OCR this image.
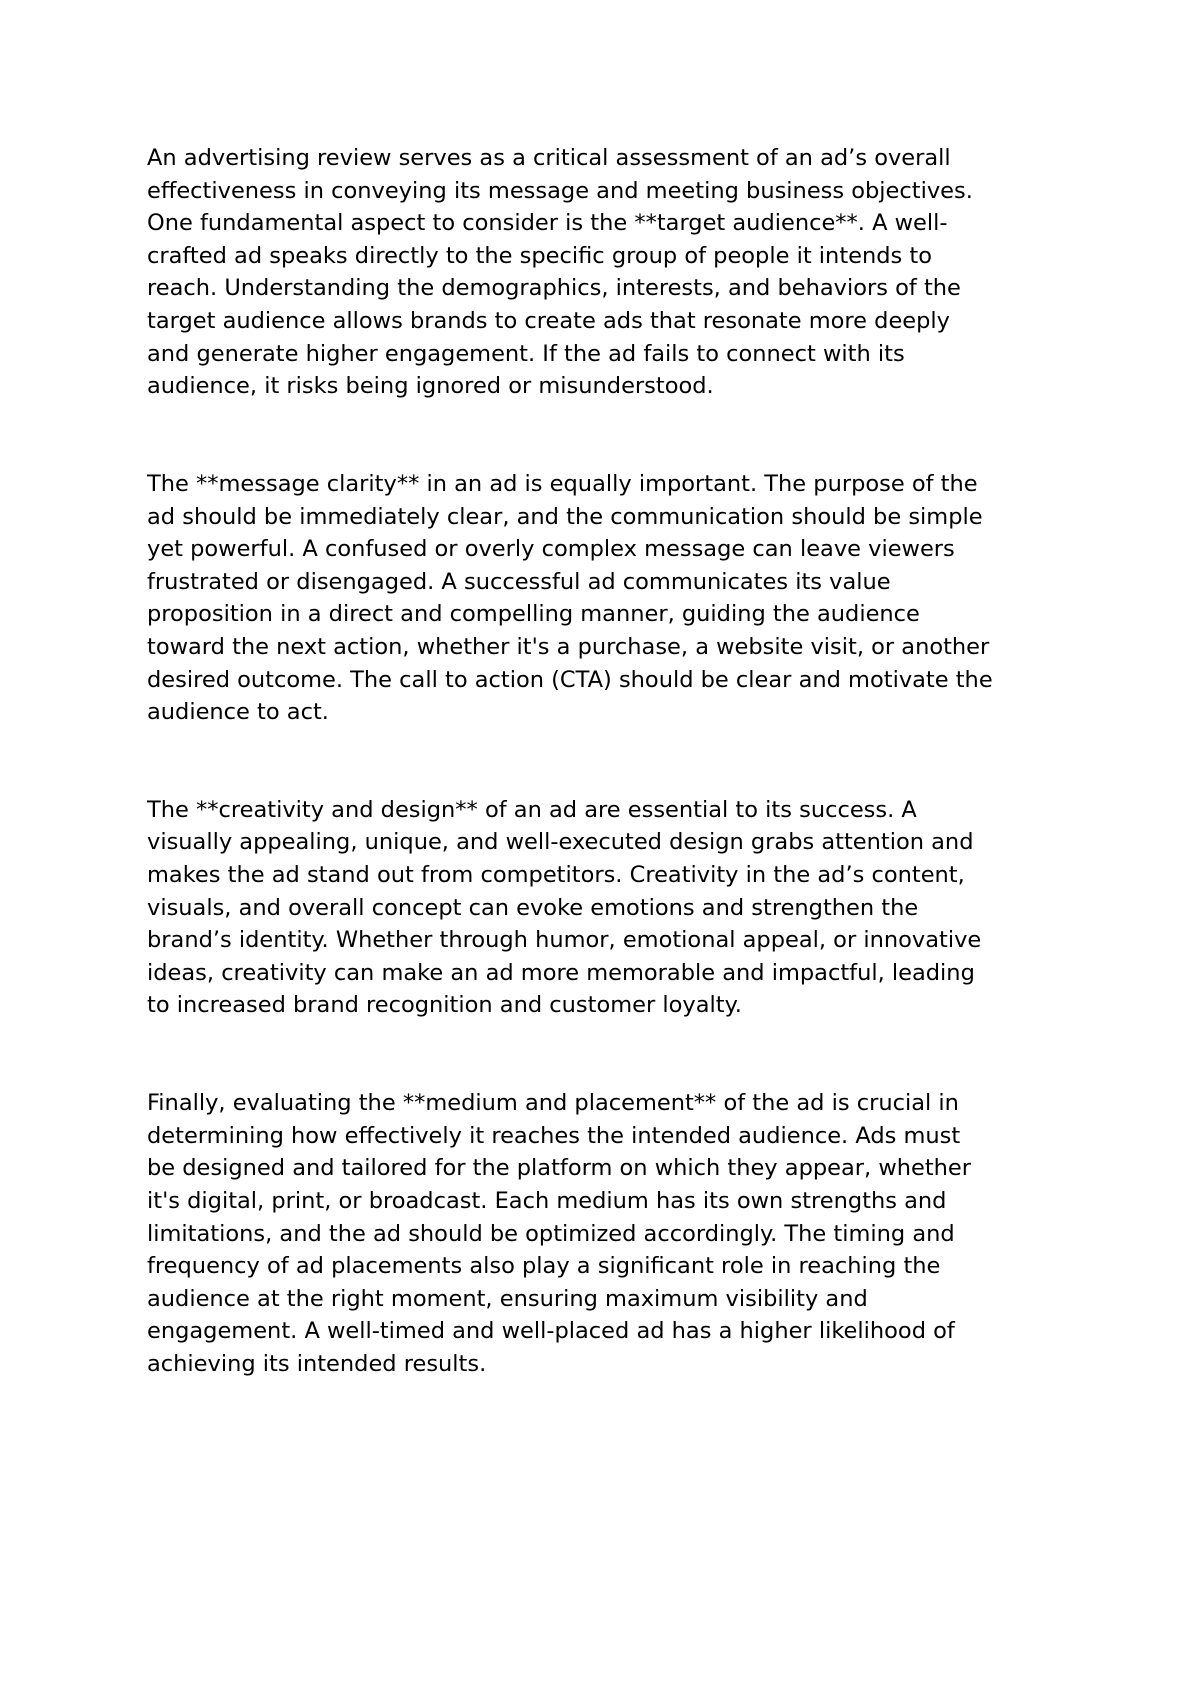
An advertising review serves as a critical assessment of an ad’s overall
effectiveness in conveying its message and meeting business objectives.
One fundamental aspect to consider is the **target audience**. A well-
crafted ad speaks directly to the specific group of people it intends to
reach. Understanding the demographics, interests, and behaviors of the
target audience allows brands to create ads that resonate more deeply
and generate higher engagement. If the ad fails to connect with its
audience, it risks being ignored or misunderstood.

The **message clarity** in an ad is equally important. The purpose of the
ad should be immediately clear, and the communication should be simple
yet powerful. A confused or overly complex message can leave viewers
frustrated or disengaged. A successful ad communicates its value
proposition in a direct and compelling manner, guiding the audience
toward the next action, whether it's a purchase, a website visit, or another
desired outcome. The call to action (CTA) should be clear and motivate the
audience to act.

The **creativity and design** of an ad are essential to its success. A
visually appealing, unique, and well-executed design grabs attention and
makes the ad stand out from competitors. Creativity in the ad’s content,
visuals, and overall concept can evoke emotions and strengthen the
brand’s identity. Whether through humor, emotional appeal, or innovative
ideas, creativity can make an ad more memorable and impactful, leading
to increased brand recognition and customer loyalty.

Finally, evaluating the **medium and placement** of the ad is crucial in
determining how effectively it reaches the intended audience. Ads must
be designed and tailored for the platform on which they appear, whether
it's digital, print, or broadcast. Each medium has its own strengths and
limitations, and the ad should be optimized accordingly. The timing and
frequency of ad placements also play a significant role in reaching the
audience at the right moment, ensuring maximum visibility and
engagement. A well-timed and well-placed ad has a higher likelihood of
achieving its intended results.
